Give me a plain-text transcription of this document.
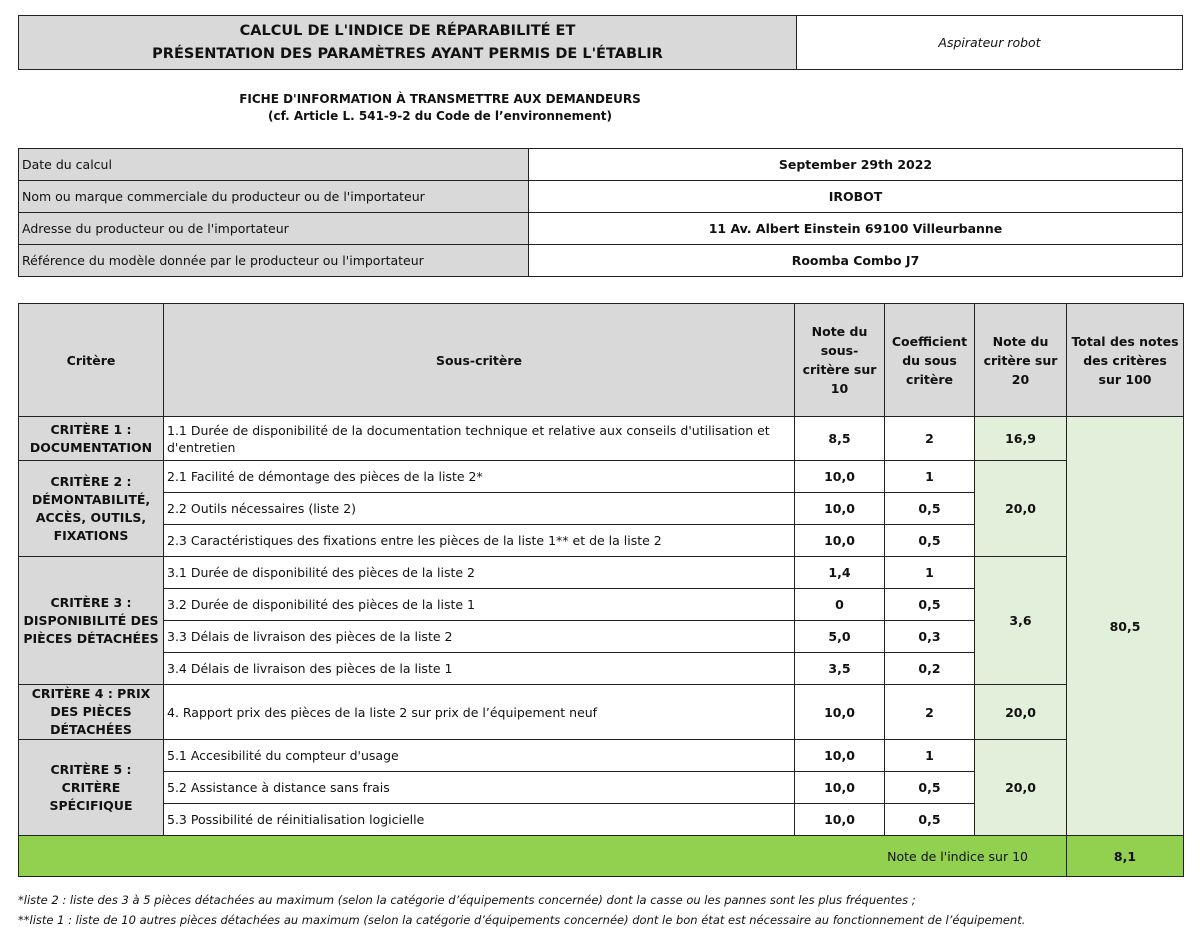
CALCUL DE L'INDICE DE RÉPARABILITÉ ET
PRÉSENTATION DES PARAMÈTRES AYANT PERMIS DE L'ÉTABLIR
	Aspirateur robot
FICHE D'INFORMATION À TRANSMETTRE AUX DEMANDEURS
(cf. Article L. 541-9-2 du Code de l’environnement)
Date du calcul	September 29th 2022
Nom ou marque commerciale du producteur ou de l'importateur	IROBOT
Adresse du producteur ou de l'importateur	11 Av. Albert Einstein 69100 Villeurbanne
Référence du modèle donnée par le producteur ou l'importateur	Roomba Combo J7
Critère	Sous-critère	Note du sous-critère sur 10	Coefficient du sous critère	Note du critère sur 20	Total des notes des critères sur 100
CRITÈRE 1 : DOCUMENTATION	1.1 Durée de disponibilité de la documentation technique et relative aux conseils d'utilisation et d'entretien	8,5	2	16,9	80,5
CRITÈRE 2 : DÉMONTABILITÉ, ACCÈS, OUTILS, FIXATIONS	2.1 Facilité de démontage des pièces de la liste 2*	10,0	1	20,0	
	2.2 Outils nécessaires (liste 2)	10,0	0,5		
	2.3 Caractéristiques des fixations entre les pièces de la liste 1** et de la liste 2	10,0	0,5		
CRITÈRE 3 : DISPONIBILITÉ DES PIÈCES DÉTACHÉES	3.1 Durée de disponibilité des pièces de la liste 2	1,4	1	3,6	
	3.2 Durée de disponibilité des pièces de la liste 1	0	0,5		
	3.3 Délais de livraison des pièces de la liste 2	5,0	0,3		
	3.4 Délais de livraison des pièces de la liste 1	3,5	0,2		
CRITÈRE 4 : PRIX DES PIÈCES DÉTACHÉES	4. Rapport prix des pièces de la liste 2 sur prix de l’équipement neuf	10,0	2	20,0	
CRITÈRE 5 : CRITÈRE SPÉCIFIQUE	5.1 Accesibilité du compteur d'usage	10,0	1	20,0	
	5.2 Assistance à distance sans frais	10,0	0,5		
	5.3 Possibilité de réinitialisation logicielle	10,0	0,5		
Note de l'indice sur 10					8,1
*liste 2 : liste des 3 à 5 pièces détachées au maximum (selon la catégorie d’équipements concernée) dont la casse ou les pannes sont les plus fréquentes ;
**liste 1 : liste de 10 autres pièces détachées au maximum (selon la catégorie d’équipements concernée) dont le bon état est nécessaire au fonctionnement de l’équipement.
